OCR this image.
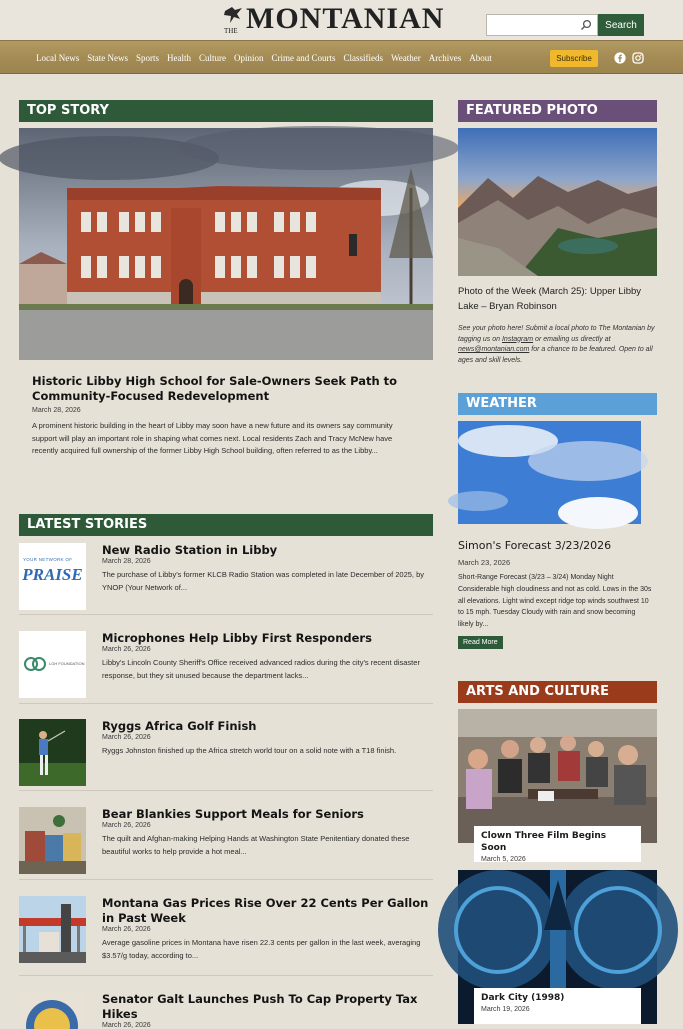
THE MONTANIAN	Search
Local News State News Sports Health Culture Opinion Crime and Courts Classifieds Weather Archives About	Subscribe
TOP STORY
Historic Libby High School for Sale-Owners Seek Path to Community-Focused Redevelopment
March 28, 2026
A prominent historic building in the heart of Libby may soon have a new future and its owners say community support will play an important role in shaping what comes next. Local residents Zach and Tracy McNew have recently acquired full ownership of the former Libby High School building, often referred to as the Libby...
LATEST STORIES
YOUR NETWORK OF
PRAISE
New Radio Station in Libby
March 28, 2026
The purchase of Libby's former KLCB Radio Station was completed in late December of 2025, by YNOP (Your Network of...
LGH FOUNDATION
Microphones Help Libby First Responders
March 26, 2026
Libby's Lincoln County Sheriff's Office received advanced radios during the city's recent disaster response, but they sit unused because the department lacks...
Ryggs Africa Golf Finish
March 26, 2026
Ryggs Johnston finished up the Africa stretch world tour on a solid note with a T18 finish.
Bear Blankies Support Meals for Seniors
March 26, 2026
The quilt and Afghan-making Helping Hands at Washington State Penitentiary donated these beautiful works to help provide a hot meal...
Montana Gas Prices Rise Over 22 Cents Per Gallon in Past Week
March 26, 2026
Average gasoline prices in Montana have risen 22.3 cents per gallon in the last week, averaging $3.57/g today, according to...
Senator Galt Launches Push To Cap Property Tax Hikes
March 26, 2026
FEATURED PHOTO
Photo of the Week (March 25): Upper Libby Lake – Bryan Robinson
See your photo here! Submit a local photo to The Montanian by tagging us on Instagram or emailing us directly at news@montanian.com for a chance to be featured. Open to all ages and skill levels.
WEATHER
Simon's Forecast 3/23/2026
March 23, 2026
Short-Range Forecast (3/23 – 3/24) Monday Night Considerable high cloudiness and not as cold. Lows in the 30s all elevations. Light wind except ridge top winds southwest 10 to 15 mph. Tuesday Cloudy with rain and snow becoming likely by...
Read More
ARTS AND CULTURE
Clown Three Film Begins Soon
March 5, 2026
Dark City (1998)
March 19, 2026
